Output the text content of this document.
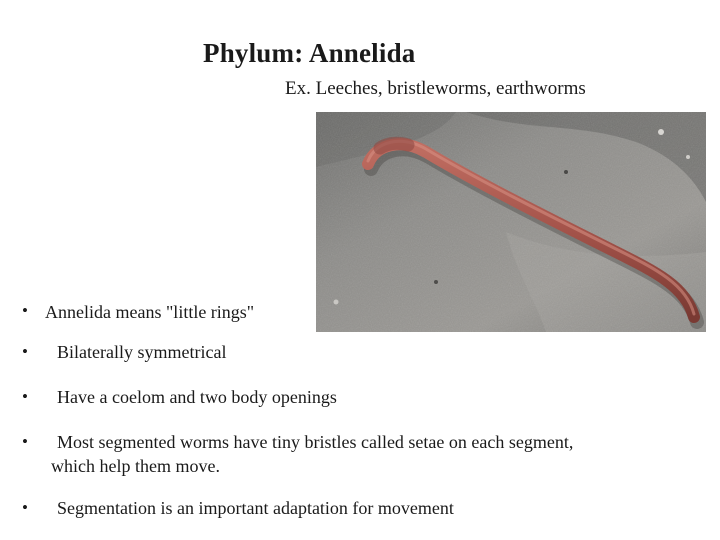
Phylum: Annelida
Ex. Leeches, bristleworms, earthworms
• Annelida means "little rings"
• Bilaterally symmetrical
• Have a coelom and two body openings
• Most segmented worms have tiny bristles called setae on each segment,
which help them move.
• Segmentation is an important adaptation for movement
